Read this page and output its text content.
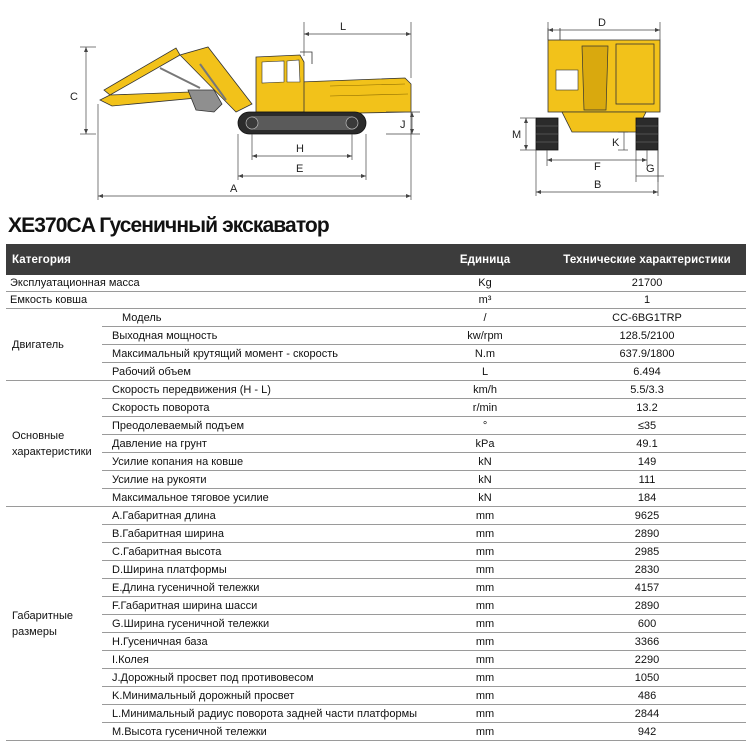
L
C
J
H
E
A
D
M
K
F	G
B
XE370CA Гусеничный экскаватор
Категория		Единица	Технические характеристики
Эксплуатационная масса		Kg	21700
Емкость ковша		m³	1
Двигатель	Модель	/	CC-6BG1TRP
	Выходная мощность	kw/rpm	128.5/2100
	Максимальный крутящий момент - скорость	N.m	637.9/1800
	Рабочий объем	L	6.494
Основные характеристики	Скорость передвижения (H - L)	km/h	5.5/3.3
	Скорость поворота	r/min	13.2
	Преодолеваемый подъем	°	≤35
	Давление на грунт	kPa	49.1
	Усилие копания на ковше	kN	149
	Усилие на рукояти	kN	111
	Максимальное тяговое усилие	kN	184
Габаритные размеры	A.Габаритная длина	mm	9625
	B.Габаритная ширина	mm	2890
	C.Габаритная высота	mm	2985
	D.Ширина платформы	mm	2830
	E.Длина гусеничной тележки	mm	4157
	F.Габаритная ширина шасси	mm	2890
	G.Ширина гусеничной тележки	mm	600
	H.Гусеничная база	mm	3366
	I.Колея	mm	2290
	J.Дорожный просвет под противовесом	mm	1050
	K.Минимальный дорожный просвет	mm	486
	L.Минимальный радиус поворота задней части платформы	mm	2844
	M.Высота гусеничной тележки	mm	942
